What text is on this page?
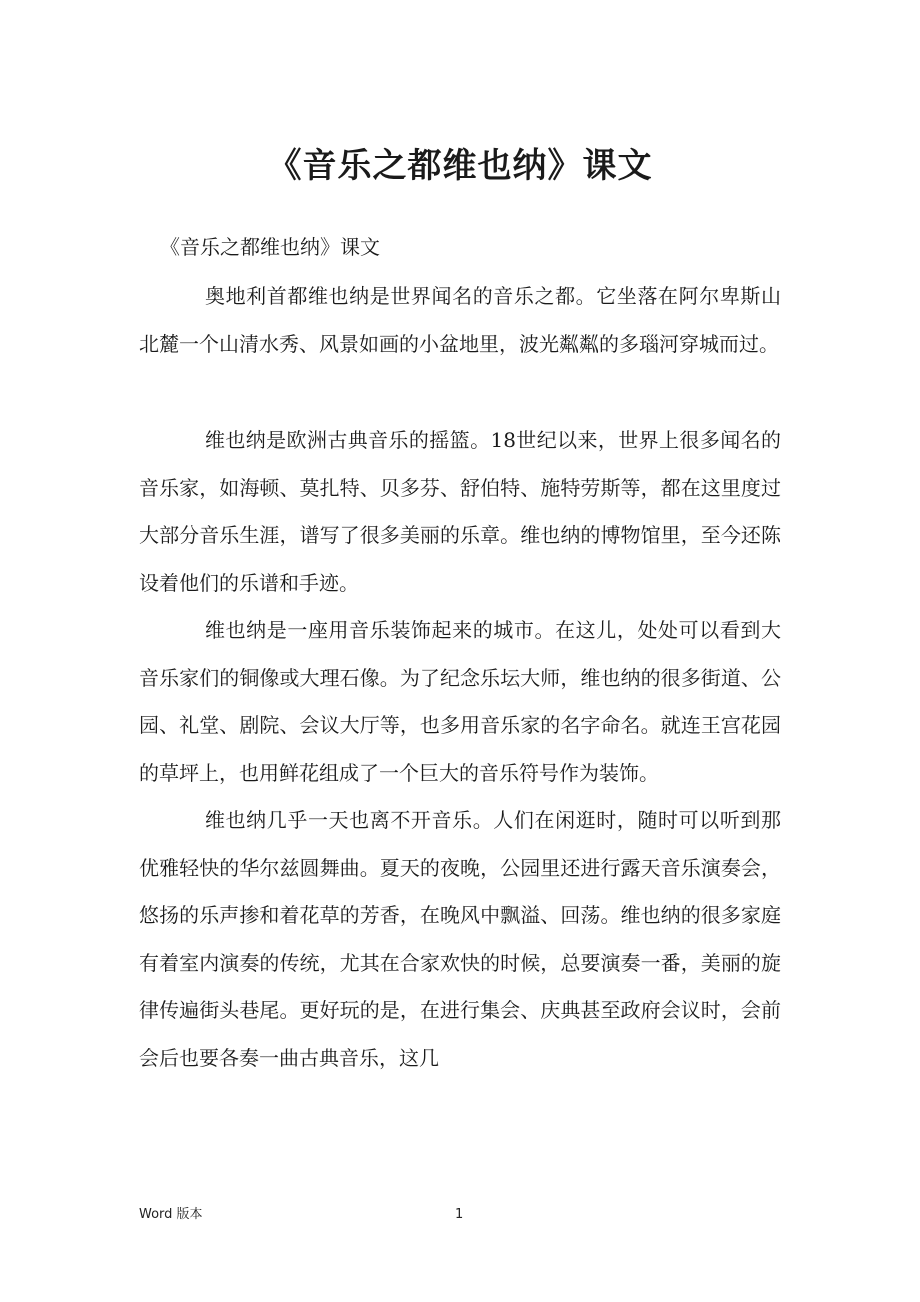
《音乐之都维也纳》课文

《音乐之都维也纳》课文

奥地利首都维也纳是世界闻名的音乐之都。它坐落在阿尔卑斯山北麓一个山清水秀、风景如画的小盆地里，波光粼粼的多瑙河穿城而过。

维也纳是欧洲古典音乐的摇篮。18世纪以来，世界上很多闻名的音乐家，如海顿、莫扎特、贝多芬、舒伯特、施特劳斯等，都在这里度过大部分音乐生涯，谱写了很多美丽的乐章。维也纳的博物馆里，至今还陈设着他们的乐谱和手迹。

维也纳是一座用音乐装饰起来的城市。在这儿，处处可以看到大音乐家们的铜像或大理石像。为了纪念乐坛大师，维也纳的很多街道、公园、礼堂、剧院、会议大厅等，也多用音乐家的名字命名。就连王宫花园的草坪上，也用鲜花组成了一个巨大的音乐符号作为装饰。

维也纳几乎一天也离不开音乐。人们在闲逛时，随时可以听到那优雅轻快的华尔兹圆舞曲。夏天的夜晚，公园里还进行露天音乐演奏会，悠扬的乐声掺和着花草的芳香，在晚风中飘溢、回荡。维也纳的很多家庭有着室内演奏的传统，尤其在合家欢快的时候，总要演奏一番，美丽的旋律传遍街头巷尾。更好玩的是，在进行集会、庆典甚至政府会议时，会前会后也要各奏一曲古典音乐，这几

Word 版本	1
